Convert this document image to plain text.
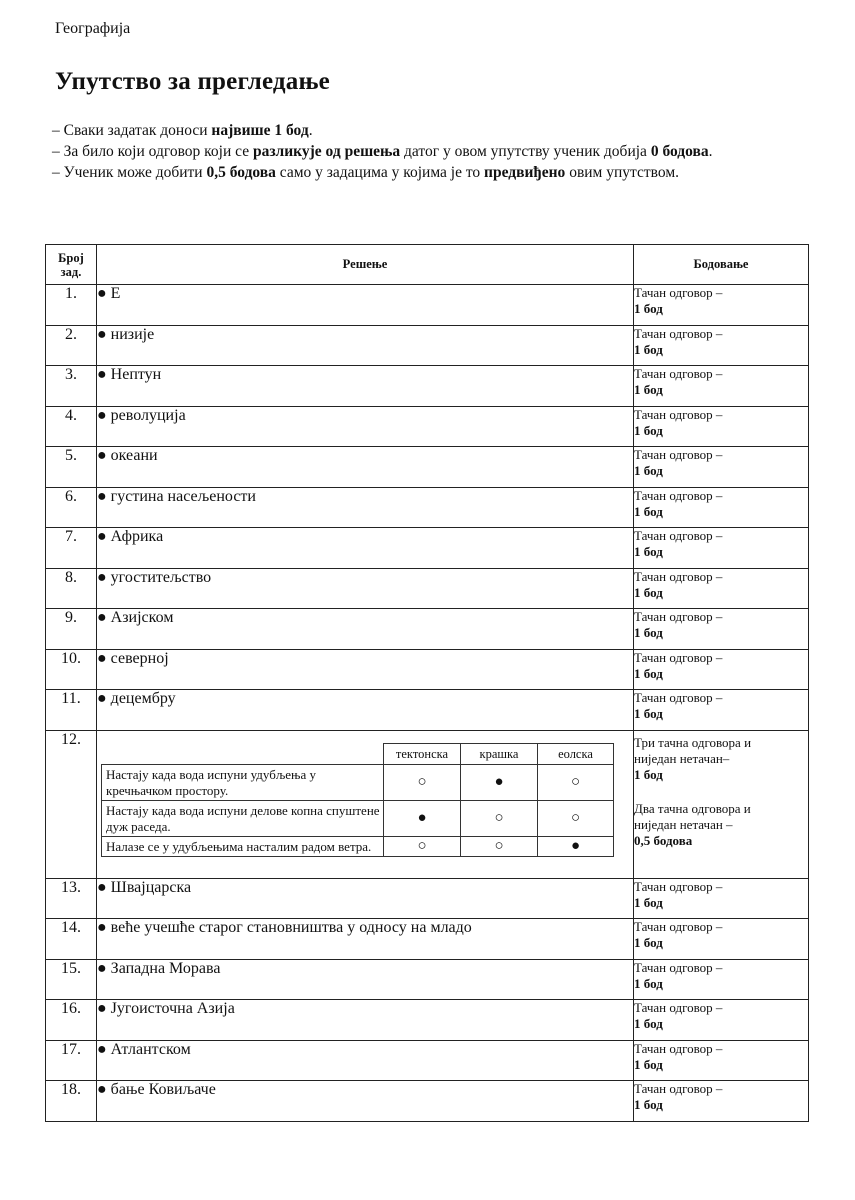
Географија
Упутство за прегледање
– Сваки задатак доноси највише 1 бод.
– За било који одговор који се разликује од решења датог у овом упутству ученик добија 0 бодова.
– Ученик може добити 0,5 бодова само у задацима у којима је то предвиђено овим упутством.
Број
зад.
	Решење	Бодовање
1.	● Е	Тачан одговор –
1 бод

2.	● низије	Тачан одговор –
1 бод

3.	● Нептун	Тачан одговор –
1 бод

4.	● револуција	Тачан одговор –
1 бод

5.	● океани	Тачан одговор –
1 бод

6.	● густина насељености	Тачан одговор –
1 бод

7.	● Африка	Тачан одговор –
1 бод

8.	● угоститељство	Тачан одговор –
1 бод

9.	● Азијском	Тачан одговор –
1 бод

10.	● северној	Тачан одговор –
1 бод

11.	● децембру	Тачан одговор –
1 бод

12.	
	тектонска	крашка	еолска
Настају када вода испуни удубљења у кречњачком простору.	○	●	○
Настају када вода испуни делове копна спуштене дуж раседа.	●	○	○
Налазе се у удубљењима насталим радом ветра.	○	○	●

Три тачна одговора и

ниједан нетачан–

1 бод

Два тачна одговора и

ниједан нетачан –

0,5 бодова

13.	● Швајцарска	Тачан одговор –
1 бод

14.	● веће учешће старог становништва у односу на младо	Тачан одговор –
1 бод

15.	● Западна Морава	Тачан одговор –
1 бод

16.	● Југоисточна Азија	Тачан одговор –
1 бод

17.	● Атлантском	Тачан одговор –
1 бод

18.	● бање Ковиљаче	Тачан одговор –
1 бод
